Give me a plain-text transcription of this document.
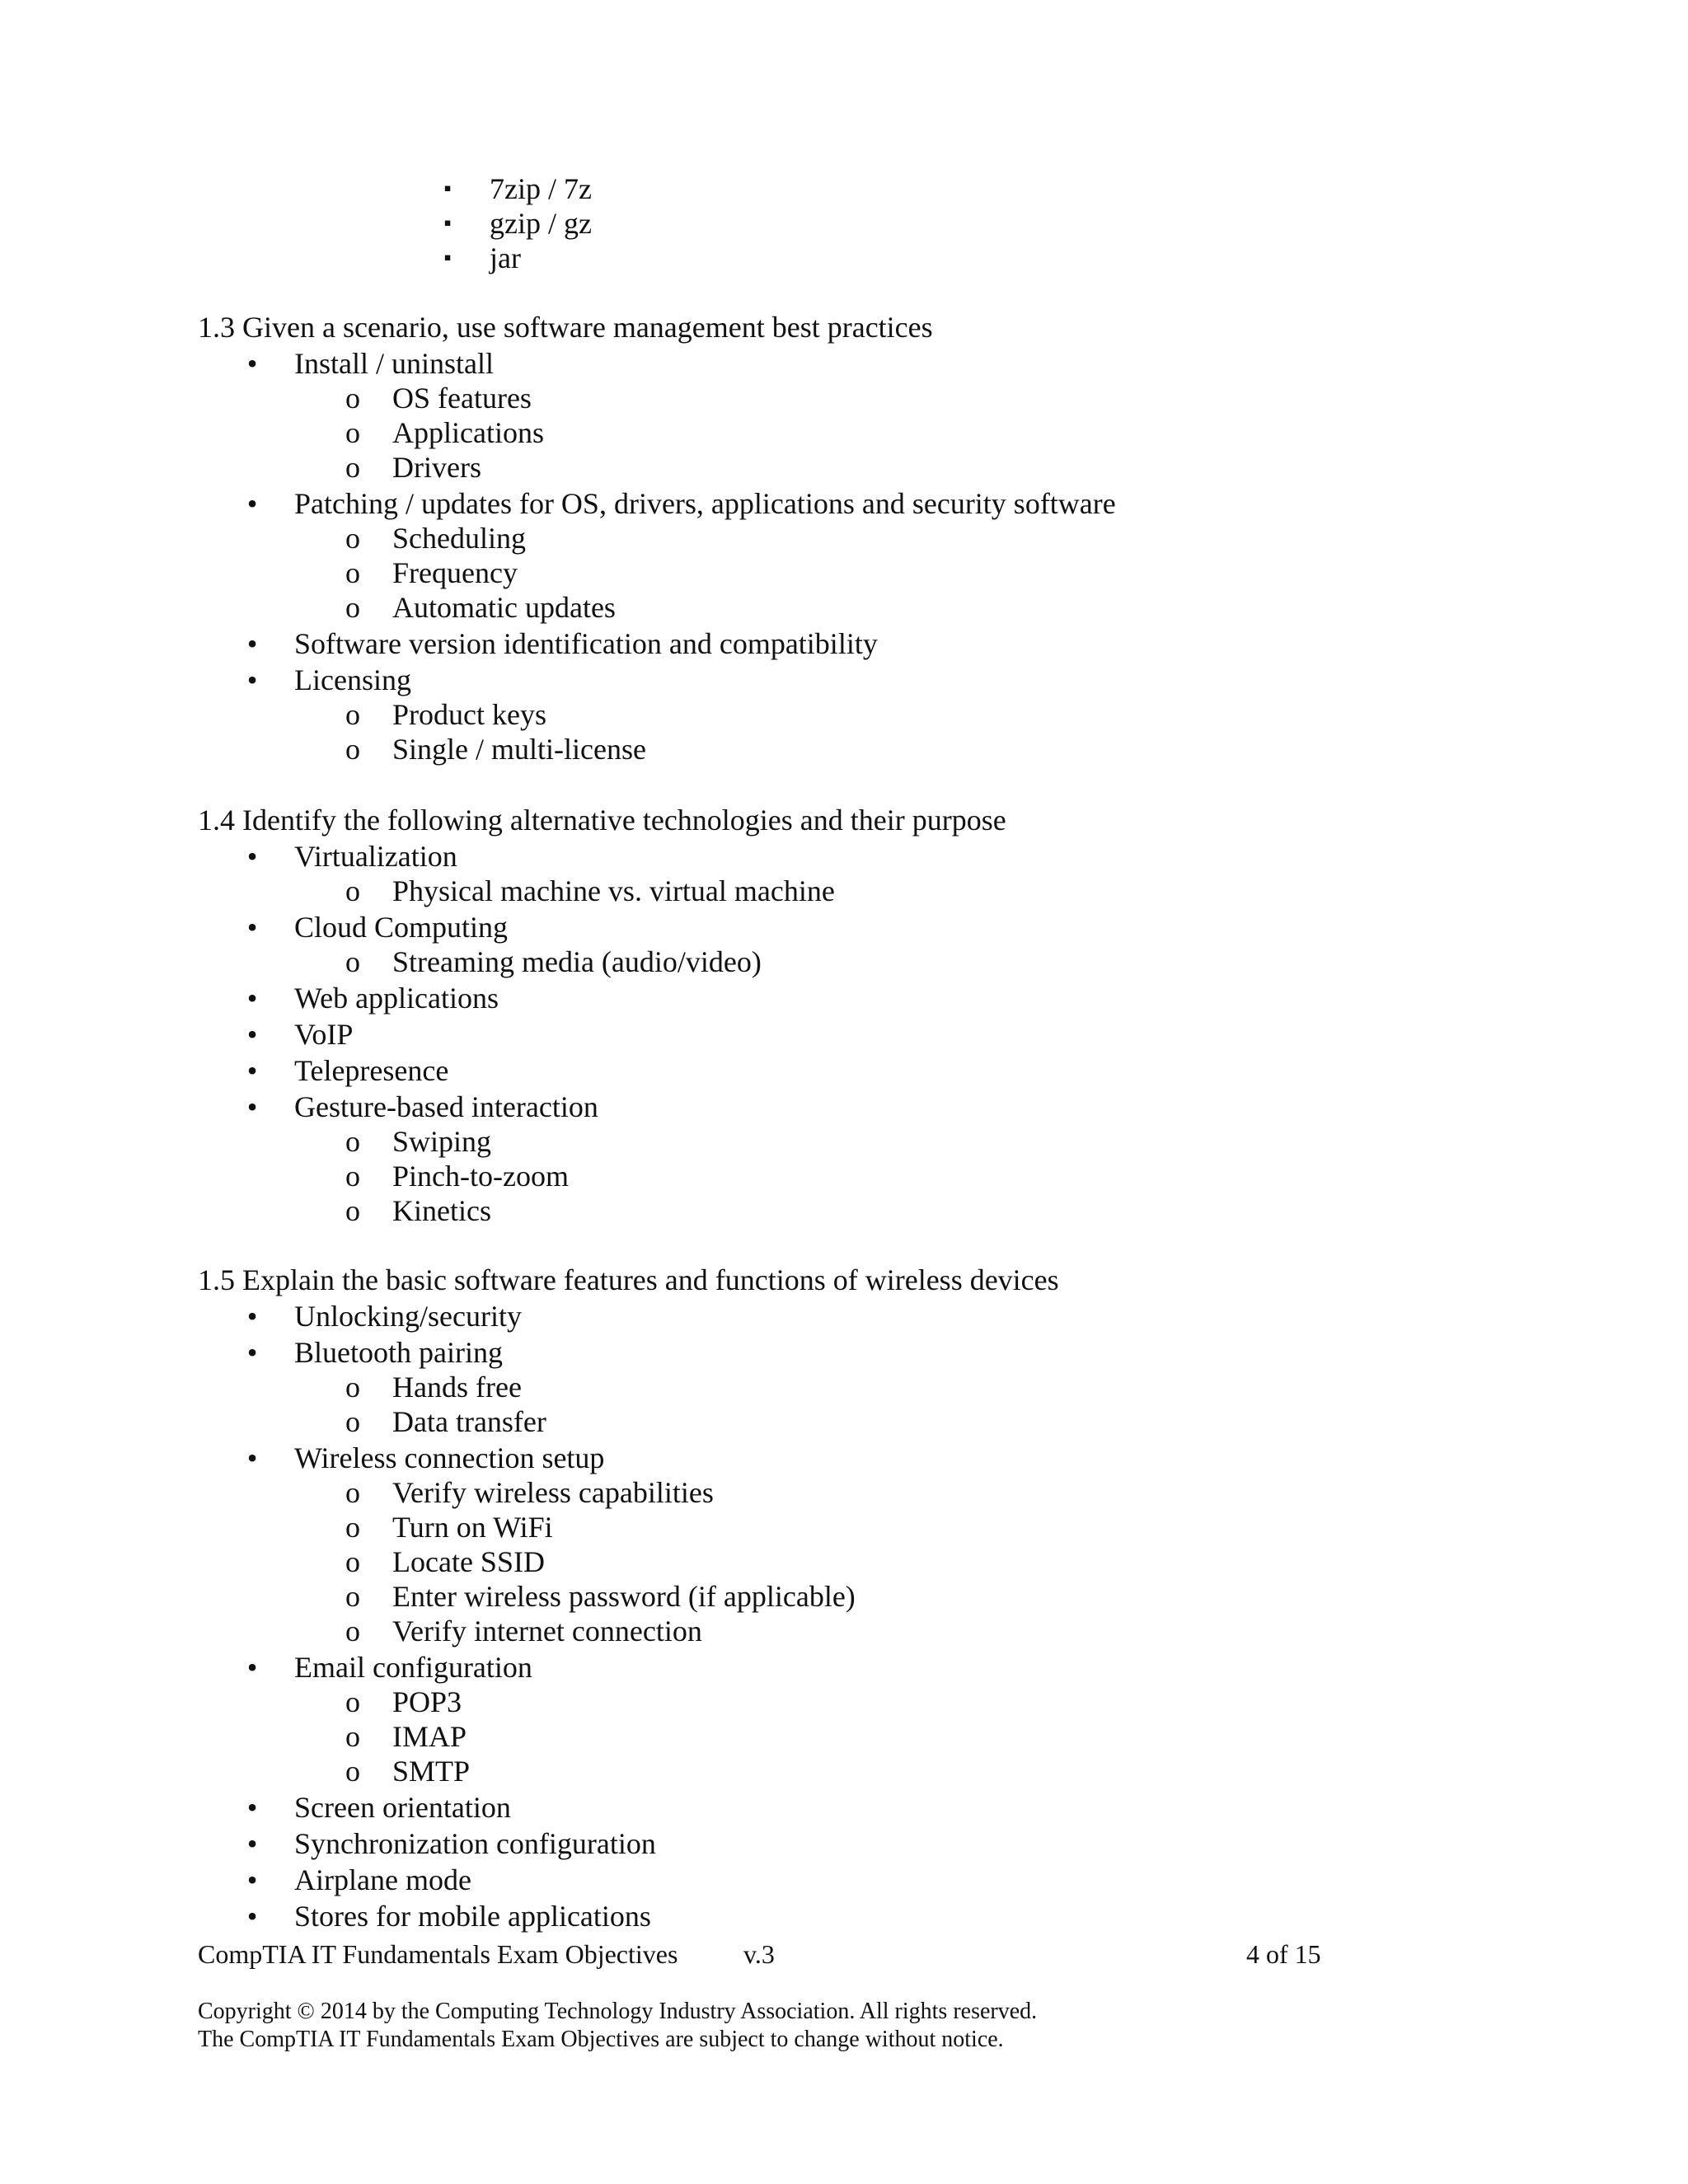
▪ 7zip / 7z
▪ gzip / gz
▪ jar
1.3 Given a scenario, use software management best practices
• Install / uninstall
o OS features
o Applications
o Drivers
• Patching / updates for OS, drivers, applications and security software
o Scheduling
o Frequency
o Automatic updates
• Software version identification and compatibility
• Licensing
o Product keys
o Single / multi-license
1.4 Identify the following alternative technologies and their purpose
• Virtualization
o Physical machine vs. virtual machine
• Cloud Computing
o Streaming media (audio/video)
• Web applications
• VoIP
• Telepresence
• Gesture-based interaction
o Swiping
o Pinch-to-zoom
o Kinetics
1.5 Explain the basic software features and functions of wireless devices
• Unlocking/security
• Bluetooth pairing
o Hands free
o Data transfer
• Wireless connection setup
o Verify wireless capabilities
o Turn on WiFi
o Locate SSID
o Enter wireless password (if applicable)
o Verify internet connection
• Email configuration
o POP3
o IMAP
o SMTP
• Screen orientation
• Synchronization configuration
• Airplane mode
• Stores for mobile applications
CompTIA IT Fundamentals Exam Objectives v.3	4 of 15
Copyright © 2014 by the Computing Technology Industry Association. All rights reserved.
The CompTIA IT Fundamentals Exam Objectives are subject to change without notice.
